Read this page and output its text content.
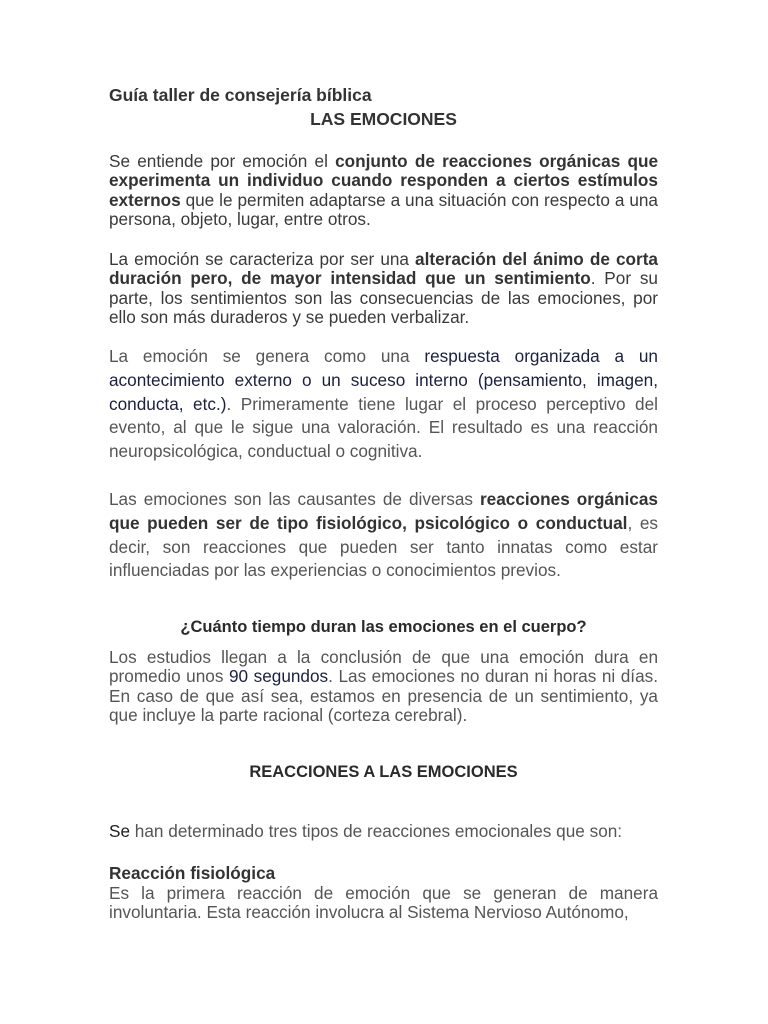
Guía taller de consejería bíblica
LAS EMOCIONES

Se entiende por emoción el conjunto de reacciones orgánicas que experimenta un individuo cuando responden a ciertos estímulos externos que le permiten adaptarse a una situación con respecto a una persona, objeto, lugar, entre otros.

La emoción se caracteriza por ser una alteración del ánimo de corta duración pero, de mayor intensidad que un sentimiento. Por su parte, los sentimientos son las consecuencias de las emociones, por ello son más duraderos y se pueden verbalizar.

La emoción se genera como una respuesta organizada a un acontecimiento externo o un suceso interno (pensamiento, imagen, conducta, etc.). Primeramente tiene lugar el proceso perceptivo del evento, al que le sigue una valoración. El resultado es una reacción neuropsicológica, conductual o cognitiva.

Las emociones son las causantes de diversas reacciones orgánicas que pueden ser de tipo fisiológico, psicológico o conductual, es decir, son reacciones que pueden ser tanto innatas como estar influenciadas por las experiencias o conocimientos previos.

¿Cuánto tiempo duran las emociones en el cuerpo?

Los estudios llegan a la conclusión de que una emoción dura en promedio unos 90 segundos. Las emociones no duran ni horas ni días. En caso de que así sea, estamos en presencia de un sentimiento, ya que incluye la parte racional (corteza cerebral).

REACCIONES A LAS EMOCIONES

Se han determinado tres tipos de reacciones emocionales que son:

Reacción fisiológica

Es la primera reacción de emoción que se generan de manera involuntaria. Esta reacción involucra al Sistema Nervioso Autónomo,
